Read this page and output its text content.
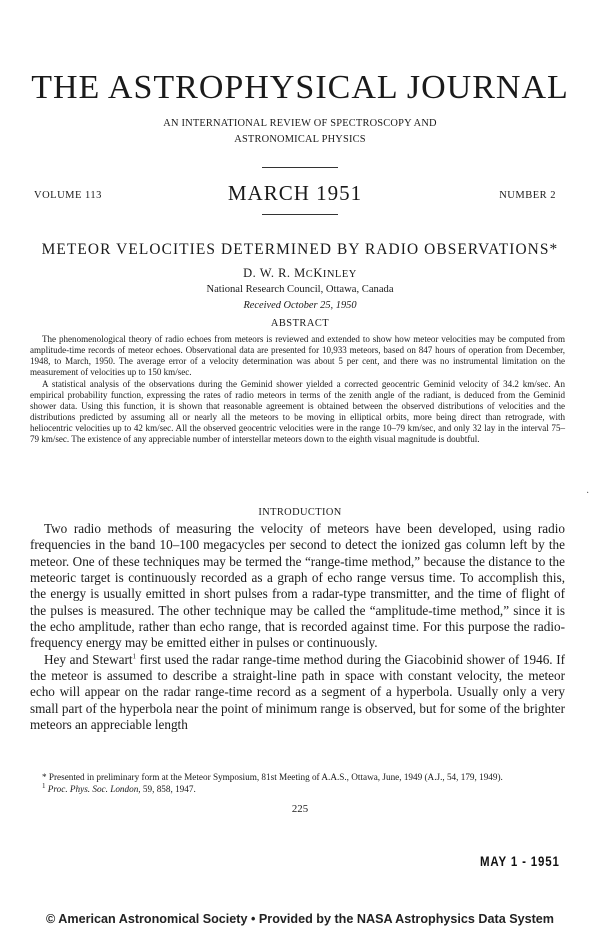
THE ASTROPHYSICAL JOURNAL
AN INTERNATIONAL REVIEW OF SPECTROSCOPY AND
ASTRONOMICAL PHYSICS
VOLUME 113	MARCH 1951	NUMBER 2
METEOR VELOCITIES DETERMINED BY RADIO OBSERVATIONS*
D. W. R. MCKINLEY
National Research Council, Ottawa, Canada
Received October 25, 1950
ABSTRACT

The phenomenological theory of radio echoes from meteors is reviewed and extended to show how meteor velocities may be computed from amplitude-time records of meteor echoes. Observational data are presented for 10,933 meteors, based on 847 hours of operation from December, 1948, to March, 1950. The average error of a velocity determination was about 5 per cent, and there was no instrumental limitation on the measurement of velocities up to 150 km/sec.

A statistical analysis of the observations during the Geminid shower yielded a corrected geocentric Geminid velocity of 34.2 km/sec. An empirical probability function, expressing the rates of radio meteors in terms of the zenith angle of the radiant, is deduced from the Geminid shower data. Using this function, it is shown that reasonable agreement is obtained between the observed distributions of velocities and the distributions predicted by assuming all or nearly all the meteors to be moving in elliptical orbits, more being direct than retrograde, with heliocentric velocities up to 42 km/sec. All the observed geocentric velocities were in the range 10–79 km/sec, and only 32 lay in the interval 75–79 km/sec. The existence of any appreciable number of interstellar meteors down to the eighth visual magnitude is doubtful.

·
INTRODUCTION

Two radio methods of measuring the velocity of meteors have been developed, using radio frequencies in the band 10–100 megacycles per second to detect the ionized gas column left by the meteor. One of these techniques may be termed the “range-time method,” because the distance to the meteoric target is continuously recorded as a graph of echo range versus time. To accomplish this, the energy is usually emitted in short pulses from a radar-type transmitter, and the time of flight of the pulses is measured. The other technique may be called the “amplitude-time method,” since it is the echo amplitude, rather than echo range, that is recorded against time. For this purpose the radio-frequency energy may be emitted either in pulses or continuously.

Hey and Stewart$^1$ first used the radar range-time method during the Giacobinid shower of 1946. If the meteor is assumed to describe a straight-line path in space with constant velocity, the meteor echo will appear on the radar range-time record as a segment of a hyperbola. Usually only a very small part of the hyperbola near the point of minimum range is observed, but for some of the brighter meteors an appreciable length

* Presented in preliminary form at the Meteor Symposium, 81st Meeting of A.A.S., Ottawa, June, 1949 (A.J., 54, 179, 1949).
$^1$ Proc. Phys. Soc. London, 59, 858, 1947.
225
MAY 1 - 1951
© American Astronomical Society • Provided by the NASA Astrophysics Data System
